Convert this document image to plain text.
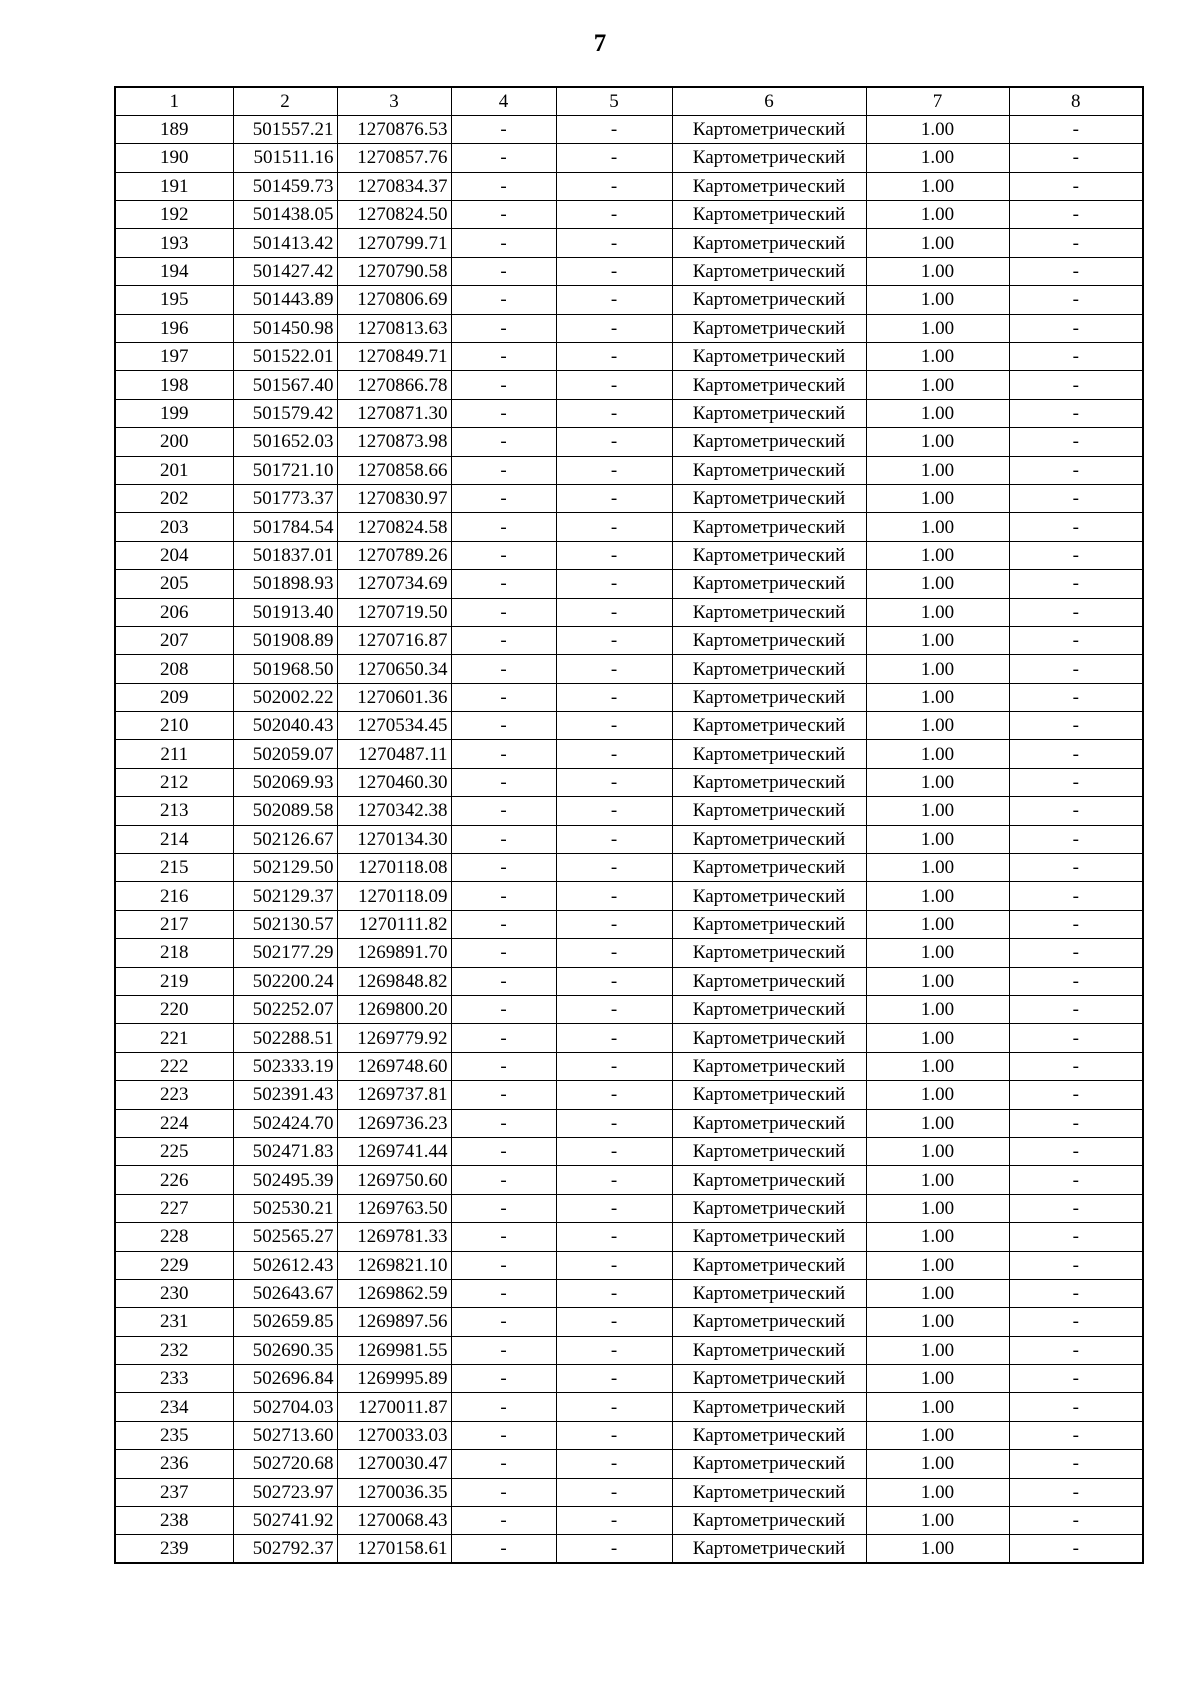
7
1	2	3	4	5	6	7	8
189	501557.21	1270876.53	-	-	Картометрический	1.00	-
190	501511.16	1270857.76	-	-	Картометрический	1.00	-
191	501459.73	1270834.37	-	-	Картометрический	1.00	-
192	501438.05	1270824.50	-	-	Картометрический	1.00	-
193	501413.42	1270799.71	-	-	Картометрический	1.00	-
194	501427.42	1270790.58	-	-	Картометрический	1.00	-
195	501443.89	1270806.69	-	-	Картометрический	1.00	-
196	501450.98	1270813.63	-	-	Картометрический	1.00	-
197	501522.01	1270849.71	-	-	Картометрический	1.00	-
198	501567.40	1270866.78	-	-	Картометрический	1.00	-
199	501579.42	1270871.30	-	-	Картометрический	1.00	-
200	501652.03	1270873.98	-	-	Картометрический	1.00	-
201	501721.10	1270858.66	-	-	Картометрический	1.00	-
202	501773.37	1270830.97	-	-	Картометрический	1.00	-
203	501784.54	1270824.58	-	-	Картометрический	1.00	-
204	501837.01	1270789.26	-	-	Картометрический	1.00	-
205	501898.93	1270734.69	-	-	Картометрический	1.00	-
206	501913.40	1270719.50	-	-	Картометрический	1.00	-
207	501908.89	1270716.87	-	-	Картометрический	1.00	-
208	501968.50	1270650.34	-	-	Картометрический	1.00	-
209	502002.22	1270601.36	-	-	Картометрический	1.00	-
210	502040.43	1270534.45	-	-	Картометрический	1.00	-
211	502059.07	1270487.11	-	-	Картометрический	1.00	-
212	502069.93	1270460.30	-	-	Картометрический	1.00	-
213	502089.58	1270342.38	-	-	Картометрический	1.00	-
214	502126.67	1270134.30	-	-	Картометрический	1.00	-
215	502129.50	1270118.08	-	-	Картометрический	1.00	-
216	502129.37	1270118.09	-	-	Картометрический	1.00	-
217	502130.57	1270111.82	-	-	Картометрический	1.00	-
218	502177.29	1269891.70	-	-	Картометрический	1.00	-
219	502200.24	1269848.82	-	-	Картометрический	1.00	-
220	502252.07	1269800.20	-	-	Картометрический	1.00	-
221	502288.51	1269779.92	-	-	Картометрический	1.00	-
222	502333.19	1269748.60	-	-	Картометрический	1.00	-
223	502391.43	1269737.81	-	-	Картометрический	1.00	-
224	502424.70	1269736.23	-	-	Картометрический	1.00	-
225	502471.83	1269741.44	-	-	Картометрический	1.00	-
226	502495.39	1269750.60	-	-	Картометрический	1.00	-
227	502530.21	1269763.50	-	-	Картометрический	1.00	-
228	502565.27	1269781.33	-	-	Картометрический	1.00	-
229	502612.43	1269821.10	-	-	Картометрический	1.00	-
230	502643.67	1269862.59	-	-	Картометрический	1.00	-
231	502659.85	1269897.56	-	-	Картометрический	1.00	-
232	502690.35	1269981.55	-	-	Картометрический	1.00	-
233	502696.84	1269995.89	-	-	Картометрический	1.00	-
234	502704.03	1270011.87	-	-	Картометрический	1.00	-
235	502713.60	1270033.03	-	-	Картометрический	1.00	-
236	502720.68	1270030.47	-	-	Картометрический	1.00	-
237	502723.97	1270036.35	-	-	Картометрический	1.00	-
238	502741.92	1270068.43	-	-	Картометрический	1.00	-
239	502792.37	1270158.61	-	-	Картометрический	1.00	-
